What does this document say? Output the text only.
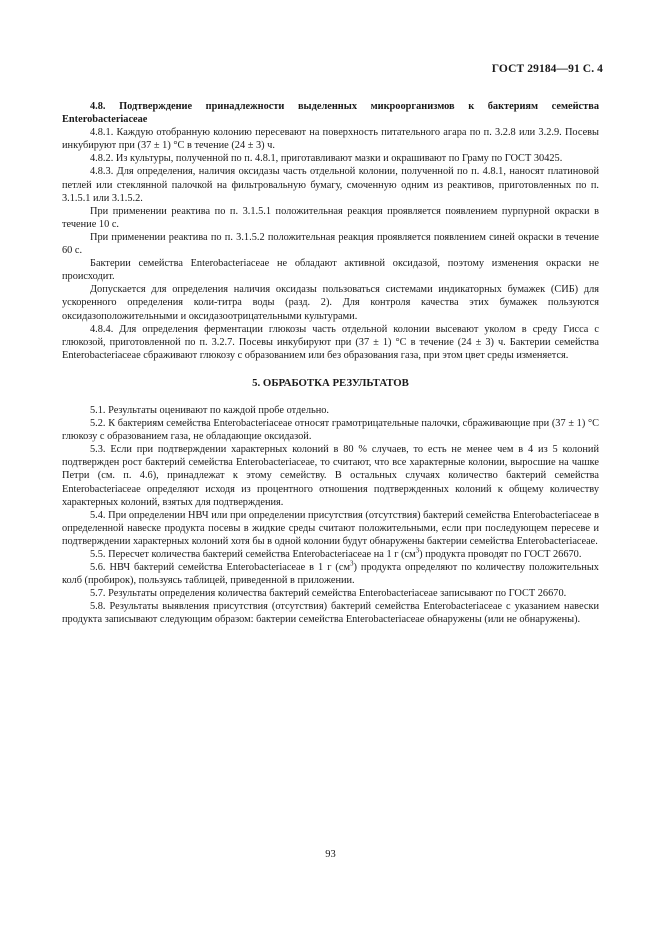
ГОСТ 29184—91 С. 4

4.8. Подтверждение принадлежности выделенных микроорганизмов к бактериям семейства Enterobacteriaceae

4.8.1. Каждую отобранную колонию пересевают на поверхность питательного агара по п. 3.2.8 или 3.2.9. Посевы инкубируют при (37 ± 1) °С в течение (24 ± 3) ч.

4.8.2. Из культуры, полученной по п. 4.8.1, приготавливают мазки и окрашивают по Граму по ГОСТ 30425.

4.8.3. Для определения, наличия оксидазы часть отдельной колонии, полученной по п. 4.8.1, наносят платиновой петлей или стеклянной палочкой на фильтровальную бумагу, смоченную одним из реактивов, приготовленных по п. 3.1.5.1 или 3.1.5.2.

При применении реактива по п. 3.1.5.1 положительная реакция проявляется появлением пурпурной окраски в течение 10 с.

При применении реактива по п. 3.1.5.2 положительная реакция проявляется появлением синей окраски в течение 60 с.

Бактерии семейства Enterobacteriaceae не обладают активной оксидазой, поэтому изменения окраски не происходит.

Допускается для определения наличия оксидазы пользоваться системами индикаторных бумажек (СИБ) для ускоренного определения коли-титра воды (разд. 2). Для контроля качества этих бумажек пользуются оксидазоположительными и оксидазоотрицательными культурами.

4.8.4. Для определения ферментации глюкозы часть отдельной колонии высевают уколом в среду Гисса с глюкозой, приготовленной по п. 3.2.7. Посевы инкубируют при (37 ± 1) °С в течение (24 ± 3) ч. Бактерии семейства Enterobacteriaceae сбраживают глюкозу с образованием или без образования газа, при этом цвет среды изменяется.

5. ОБРАБОТКА РЕЗУЛЬТАТОВ

5.1. Результаты оценивают по каждой пробе отдельно.

5.2. К бактериям семейства Enterobacteriaceae относят грамотрицательные палочки, сбраживающие при (37 ± 1) °С глюкозу с образованием газа, не обладающие оксидазой.

5.3. Если при подтверждении характерных колоний в 80 % случаев, то есть не менее чем в 4 из 5 колоний подтвержден рост бактерий семейства Enterobacteriaceae, то считают, что все характерные колонии, выросшие на чашке Петри (см. п. 4.6), принадлежат к этому семейству. В остальных случаях количество бактерий семейства Enterobacteriaceae определяют исходя из процентного отношения подтвержденных колоний к общему количеству характерных колоний, взятых для подтверждения.

5.4. При определении НВЧ или при определении присутствия (отсутствия) бактерий семейства Enterobacteriaceae в определенной навеске продукта посевы в жидкие среды считают положительными, если при последующем пересеве и подтверждении характерных колоний хотя бы в одной колонии будут обнаружены бактерии семейства Enterobacteriaceae.

5.5. Пересчет количества бактерий семейства Enterobacteriaceae на 1 г $(см^3)$ продукта проводят по ГОСТ 26670.

5.6. НВЧ бактерий семейства Enterobacteriaceae в 1 г $(см^3)$ продукта определяют по количеству положительных колб (пробирок), пользуясь таблицей, приведенной в приложении.

5.7. Результаты определения количества бактерий семейства Enterobacteriaceae записывают по ГОСТ 26670.

5.8. Результаты выявления присутствия (отсутствия) бактерий семейства Enterobacteriaceae с указанием навески продукта записывают следующим образом: бактерии семейства Enterobacteriaceae обнаружены (или не обнаружены).

93
